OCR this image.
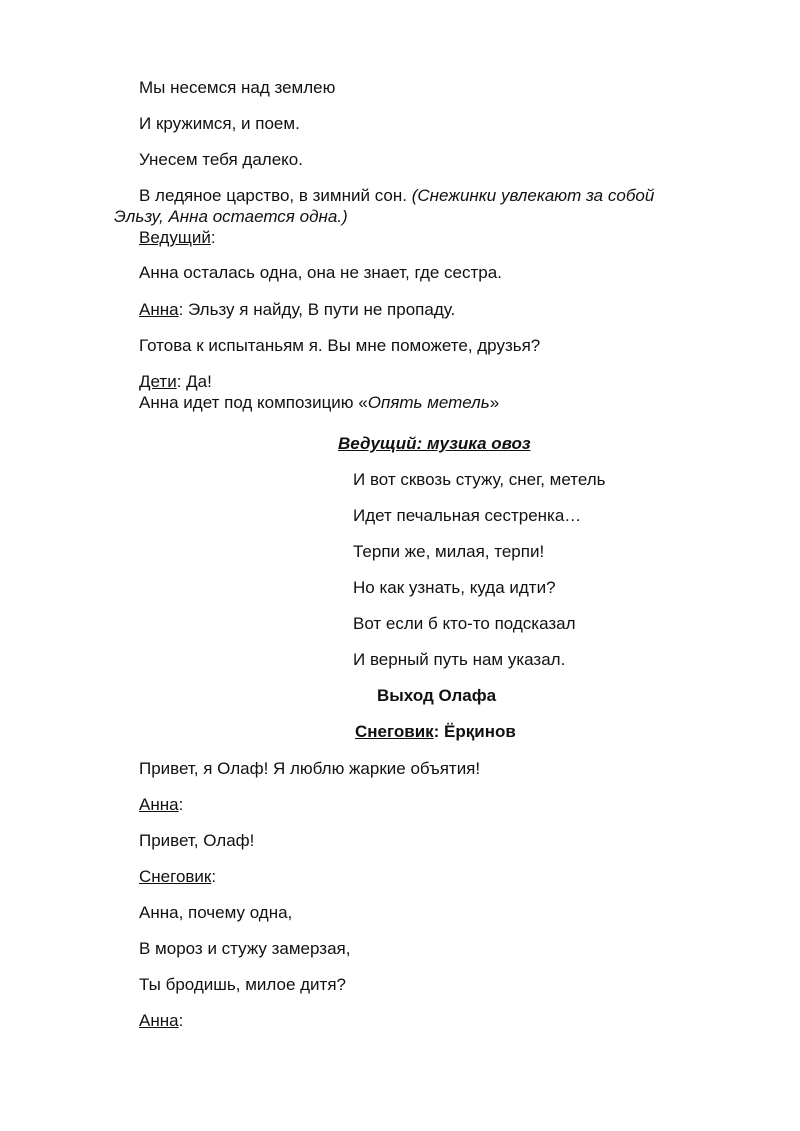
Мы несемся над землею
И кружимся, и поем.
Унесем тебя далеко.
В ледяное царство, в зимний сон. (Снежинки увлекают за собой
Эльзу, Анна остается одна.)
Ведущий:
Анна осталась одна, она не знает, где сестра.
Анна: Эльзу я найду, В пути не пропаду.
Готова к испытаньям я. Вы мне поможете, друзья?
Дети: Да!
Анна идет под композицию «Опять метель»
Ведущий: музика овоз
И вот сквозь стужу, снег, метель
Идет печальная сестренка…
Терпи же, милая, терпи!
Но как узнать, куда идти?
Вот если б кто-то подсказал
И верный путь нам указал.
Выход Олафа
Снеговик: Ёрқинов
Привет, я Олаф! Я люблю жаркие объятия!
Анна:
Привет, Олаф!
Снеговик:
Анна, почему одна,
В мороз и стужу замерзая,
Ты бродишь, милое дитя?
Анна:
